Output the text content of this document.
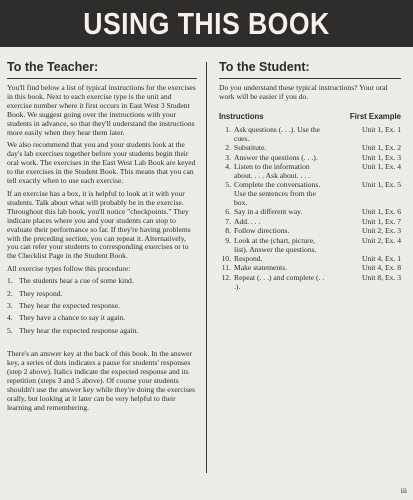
USING THIS BOOK
To the Teacher:

You'll find below a list of typical instructions for the exercises in this book. Next to each exercise type is the unit and exercise number where it first occurs in East West 3 Student Book. We suggest going over the instructions with your students in advance, so that they'll understand the instructions more easily when they hear them later.

We also recommend that you and your students look at the day's lab exercises together before your students begin their oral work. The exercises in the East West Lab Book are keyed to the exercises in the Student Book. This means that you can tell exactly when to use each exercise.

If an exercise has a box, it is helpful to look at it with your students. Talk about what will probably be in the exercise. Throughout this lab book, you'll notice "checkpoints." They indicate places where you and your students can stop to evaluate their performance so far. If they're having problems with the preceding section, you can repeat it. Alternatively, you can refer your students to corresponding exercises or to the Checklist Page in the Student Book.

All exercise types follow this procedure:

1. The students hear a cue of some kind.
2. They respond.
3. They hear the expected response.
4. They have a chance to say it again.
5. They hear the expected response again.

There's an answer key at the back of this book. In the answer key, a series of dots indicates a pause for students' responses (step 2 above). Italics indicate the expected response and its repetition (steps 3 and 5 above). Of course your students shouldn't use the answer key while they're doing the exercises orally, but looking at it later can be very helpful to their learning and remembering.

To the Student:

Do you understand these typical instructions? Your oral work will be easier if you do.

Instructions	First Example
1. Ask questions (. . .). Use the cues.
Unit 1, Ex. 1
2. Substitute.	Unit 1, Ex. 2
3. Answer the questions (. . .).	Unit 1, Ex. 3
4. Listen to the information about. . . . Ask about. . . .
Unit 1, Ex. 4
5. Complete the conversations. Use the sentences from the box.
Unit 1, Ex. 5
6. Say in a different way.	Unit 1, Ex. 6
7. Add. . . .	Unit 1, Ex. 7
8. Follow directions.	Unit 2, Ex. 3
9. Look at the (chart, picture, list). Answer the questions.
Unit 2, Ex. 4
10. Respond.	Unit 4, Ex. 1
11. Make statements.	Unit 4, Ex. 8
12. Repeat (. . .) and complete (. . .).
Unit 8, Ex. 3
iii
